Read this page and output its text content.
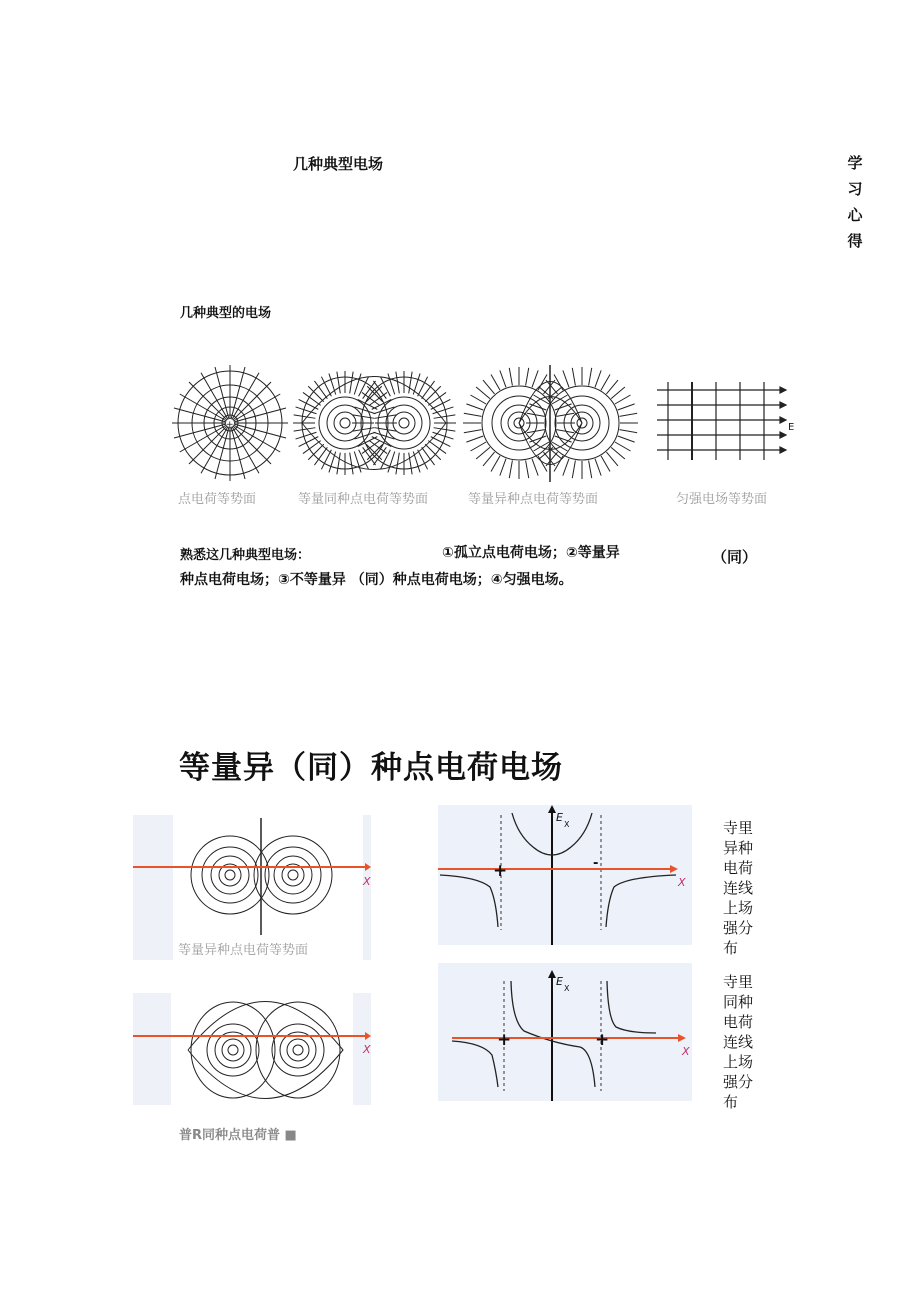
几种典型电场	学习心得
几种典型的电场
+	E
点电荷等势面	等量同种点电荷等势面	等量异种点电荷等势面	匀强电场等势面
熟悉这几种典型电场：	①孤立点电荷电场；②等量异	（同）
种点电荷电场；③不等量异 （同）种点电荷电场；④匀强电场。
等量异（同）种点电荷电场
X
等量异种点电荷等势面
X
E
X
+	-
X
E
X
+	+
X
寺里异种电荷连线上场强分布
寺里同种电荷连线上场强分布
普R同种点电荷普 ■
